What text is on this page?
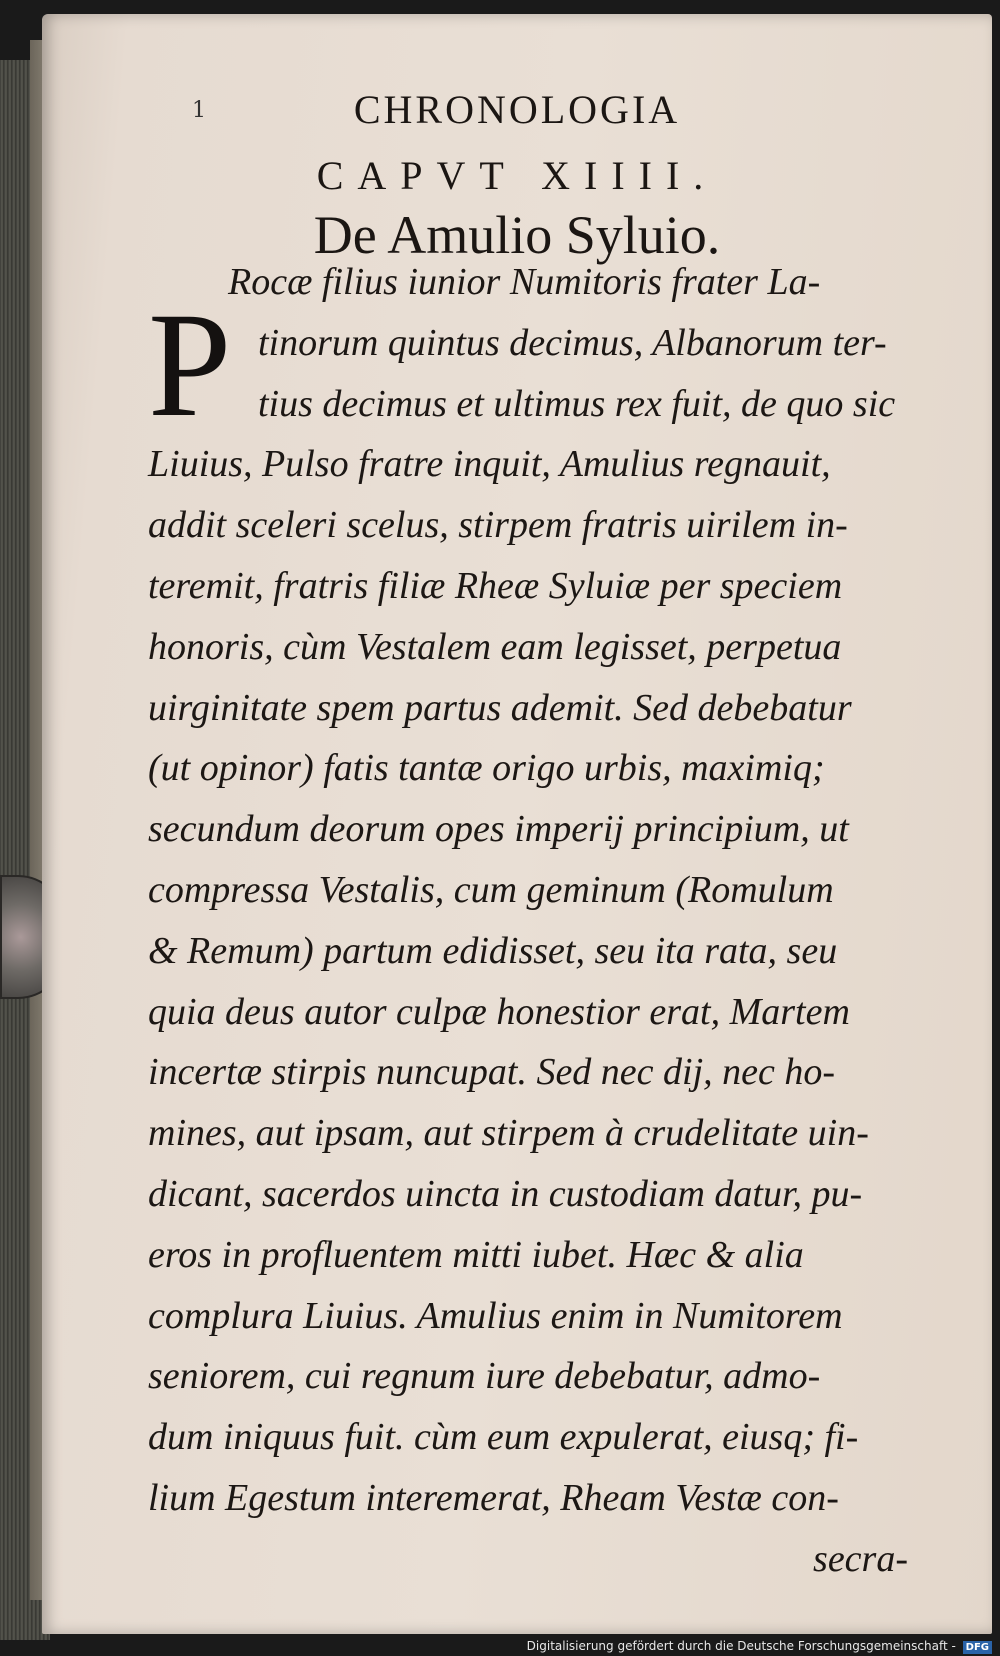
1	CHRONOLOGIA
CAPVT XIIII.
De Amulio Syluio.
P
Rocæ filius iunior Numitoris frater La-
tinorum quintus decimus, Albanorum ter-
tius decimus et ultimus rex fuit, de quo sic
Liuius, Pulso fratre inquit, Amulius regnauit,
addit sceleri scelus, stirpem fratris uirilem in-
teremit, fratris filiæ Rheæ Syluiæ per speciem
honoris, cùm Vestalem eam legisset, perpetua
uirginitate spem partus ademit. Sed debebatur
(ut opinor) fatis tantæ origo urbis, maximiq;
secundum deorum opes imperij principium, ut
compressa Vestalis, cum geminum (Romulum
& Remum) partum edidisset, seu ita rata, seu
quia deus autor culpæ honestior erat, Martem
incertæ stirpis nuncupat. Sed nec dij, nec ho-
mines, aut ipsam, aut stirpem à crudelitate uin-
dicant, sacerdos uincta in custodiam datur, pu-
eros in profluentem mitti iubet. Hæc & alia
complura Liuius. Amulius enim in Numitorem
seniorem, cui regnum iure debebatur, admo-
dum iniquus fuit. cùm eum expulerat, eiusq; fi-
lium Egestum interemerat, Rheam Vestæ con-
secra-
Digitalisierung gefördert durch die Deutsche Forschungsgemeinschaft - DFG
